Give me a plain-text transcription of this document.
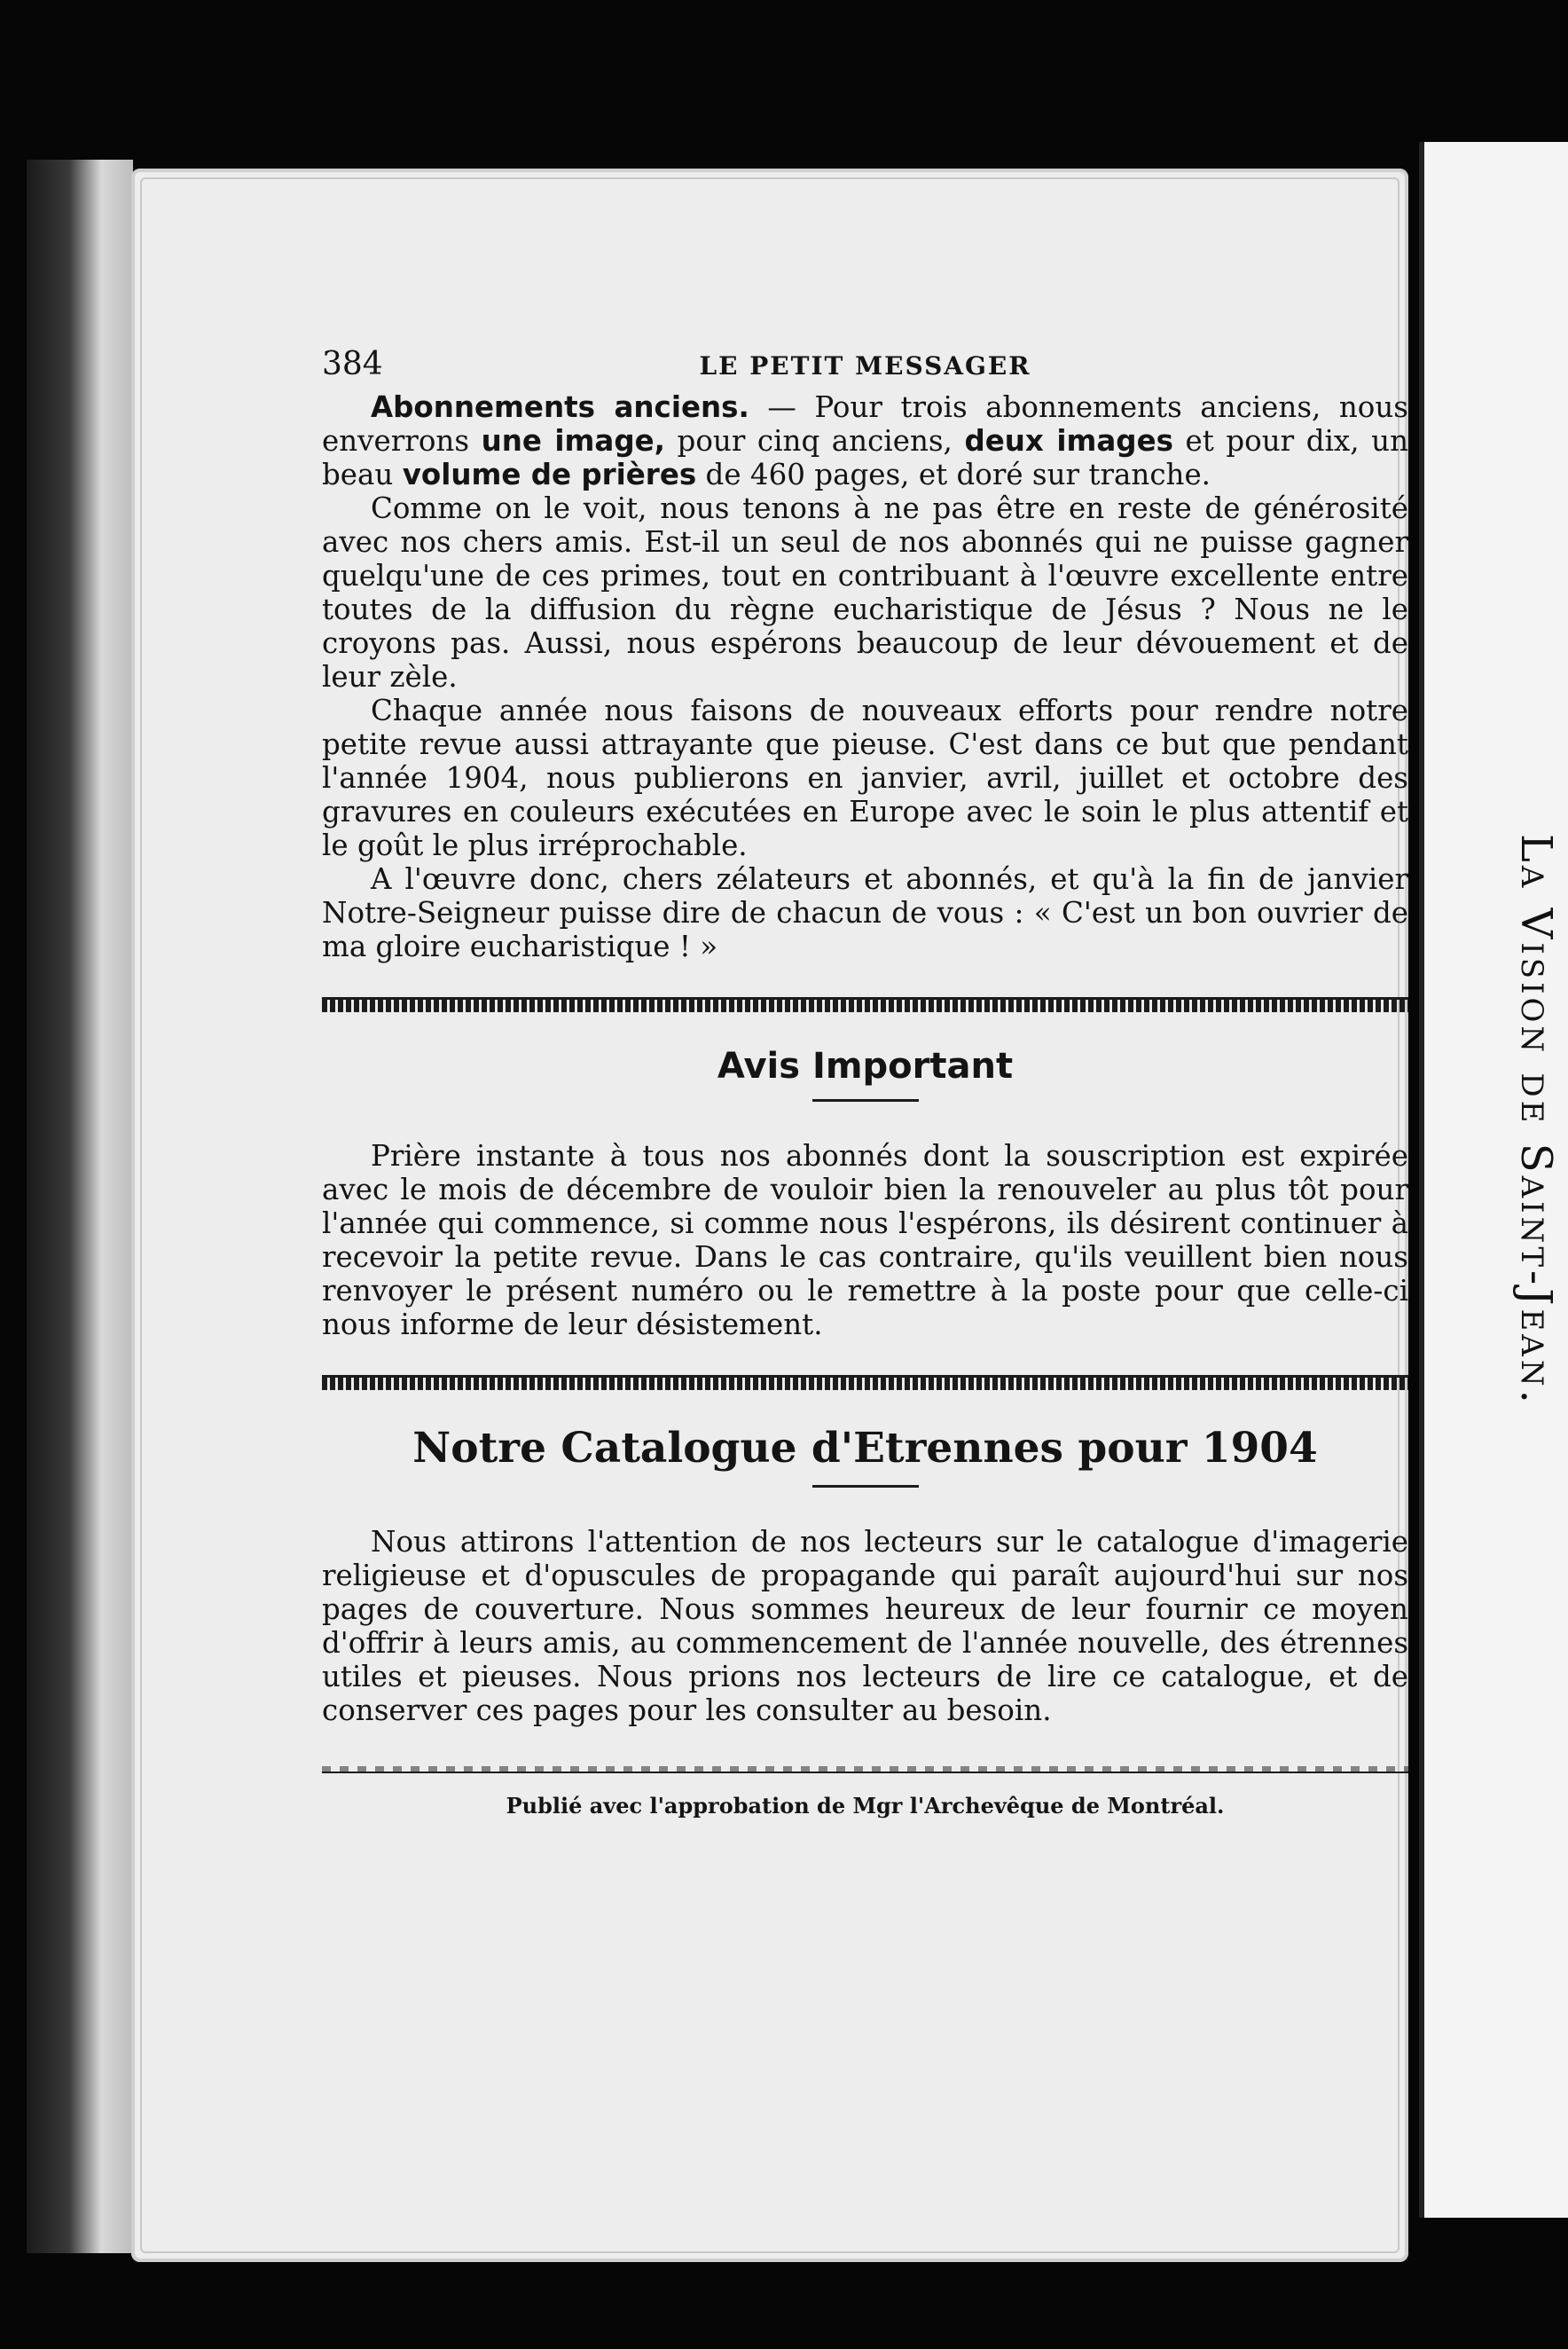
La Vision de Saint-Jean.
384	LE PETIT MESSAGER

Abonnements anciens. — Pour trois abonnements anciens, nous enverrons une image, pour cinq anciens, deux images et pour dix, un beau volume de prières de 460 pages, et doré sur tranche.

Comme on le voit, nous tenons à ne pas être en reste de générosité avec nos chers amis. Est-il un seul de nos abonnés qui ne puisse gagner quelqu'une de ces primes, tout en contribuant à l'œuvre excellente entre toutes de la diffusion du règne eucharistique de Jésus ? Nous ne le croyons pas. Aussi, nous espérons beaucoup de leur dévouement et de leur zèle.

Chaque année nous faisons de nouveaux efforts pour rendre notre petite revue aussi attrayante que pieuse. C'est dans ce but que pendant l'année 1904, nous publierons en janvier, avril, juillet et octobre des gravures en couleurs exécutées en Europe avec le soin le plus attentif et le goût le plus irréprochable.

A l'œuvre donc, chers zélateurs et abonnés, et qu'à la fin de janvier Notre-Seigneur puisse dire de chacun de vous : « C'est un bon ouvrier de ma gloire eucharistique ! »

Avis Important

Prière instante à tous nos abonnés dont la souscription est expirée avec le mois de décembre de vouloir bien la renouveler au plus tôt pour l'année qui commence, si comme nous l'espérons, ils désirent continuer à recevoir la petite revue. Dans le cas contraire, qu'ils veuillent bien nous renvoyer le présent numéro ou le remettre à la poste pour que celle-ci nous informe de leur désistement.

Notre Catalogue d'Etrennes pour 1904

Nous attirons l'attention de nos lecteurs sur le catalogue d'imagerie religieuse et d'opuscules de propagande qui paraît aujourd'hui sur nos pages de couverture. Nous sommes heureux de leur fournir ce moyen d'offrir à leurs amis, au commencement de l'année nouvelle, des étrennes utiles et pieuses. Nous prions nos lecteurs de lire ce catalogue, et de conserver ces pages pour les consulter au besoin.

Publié avec l'approbation de Mgr l'Archevêque de Montréal.
